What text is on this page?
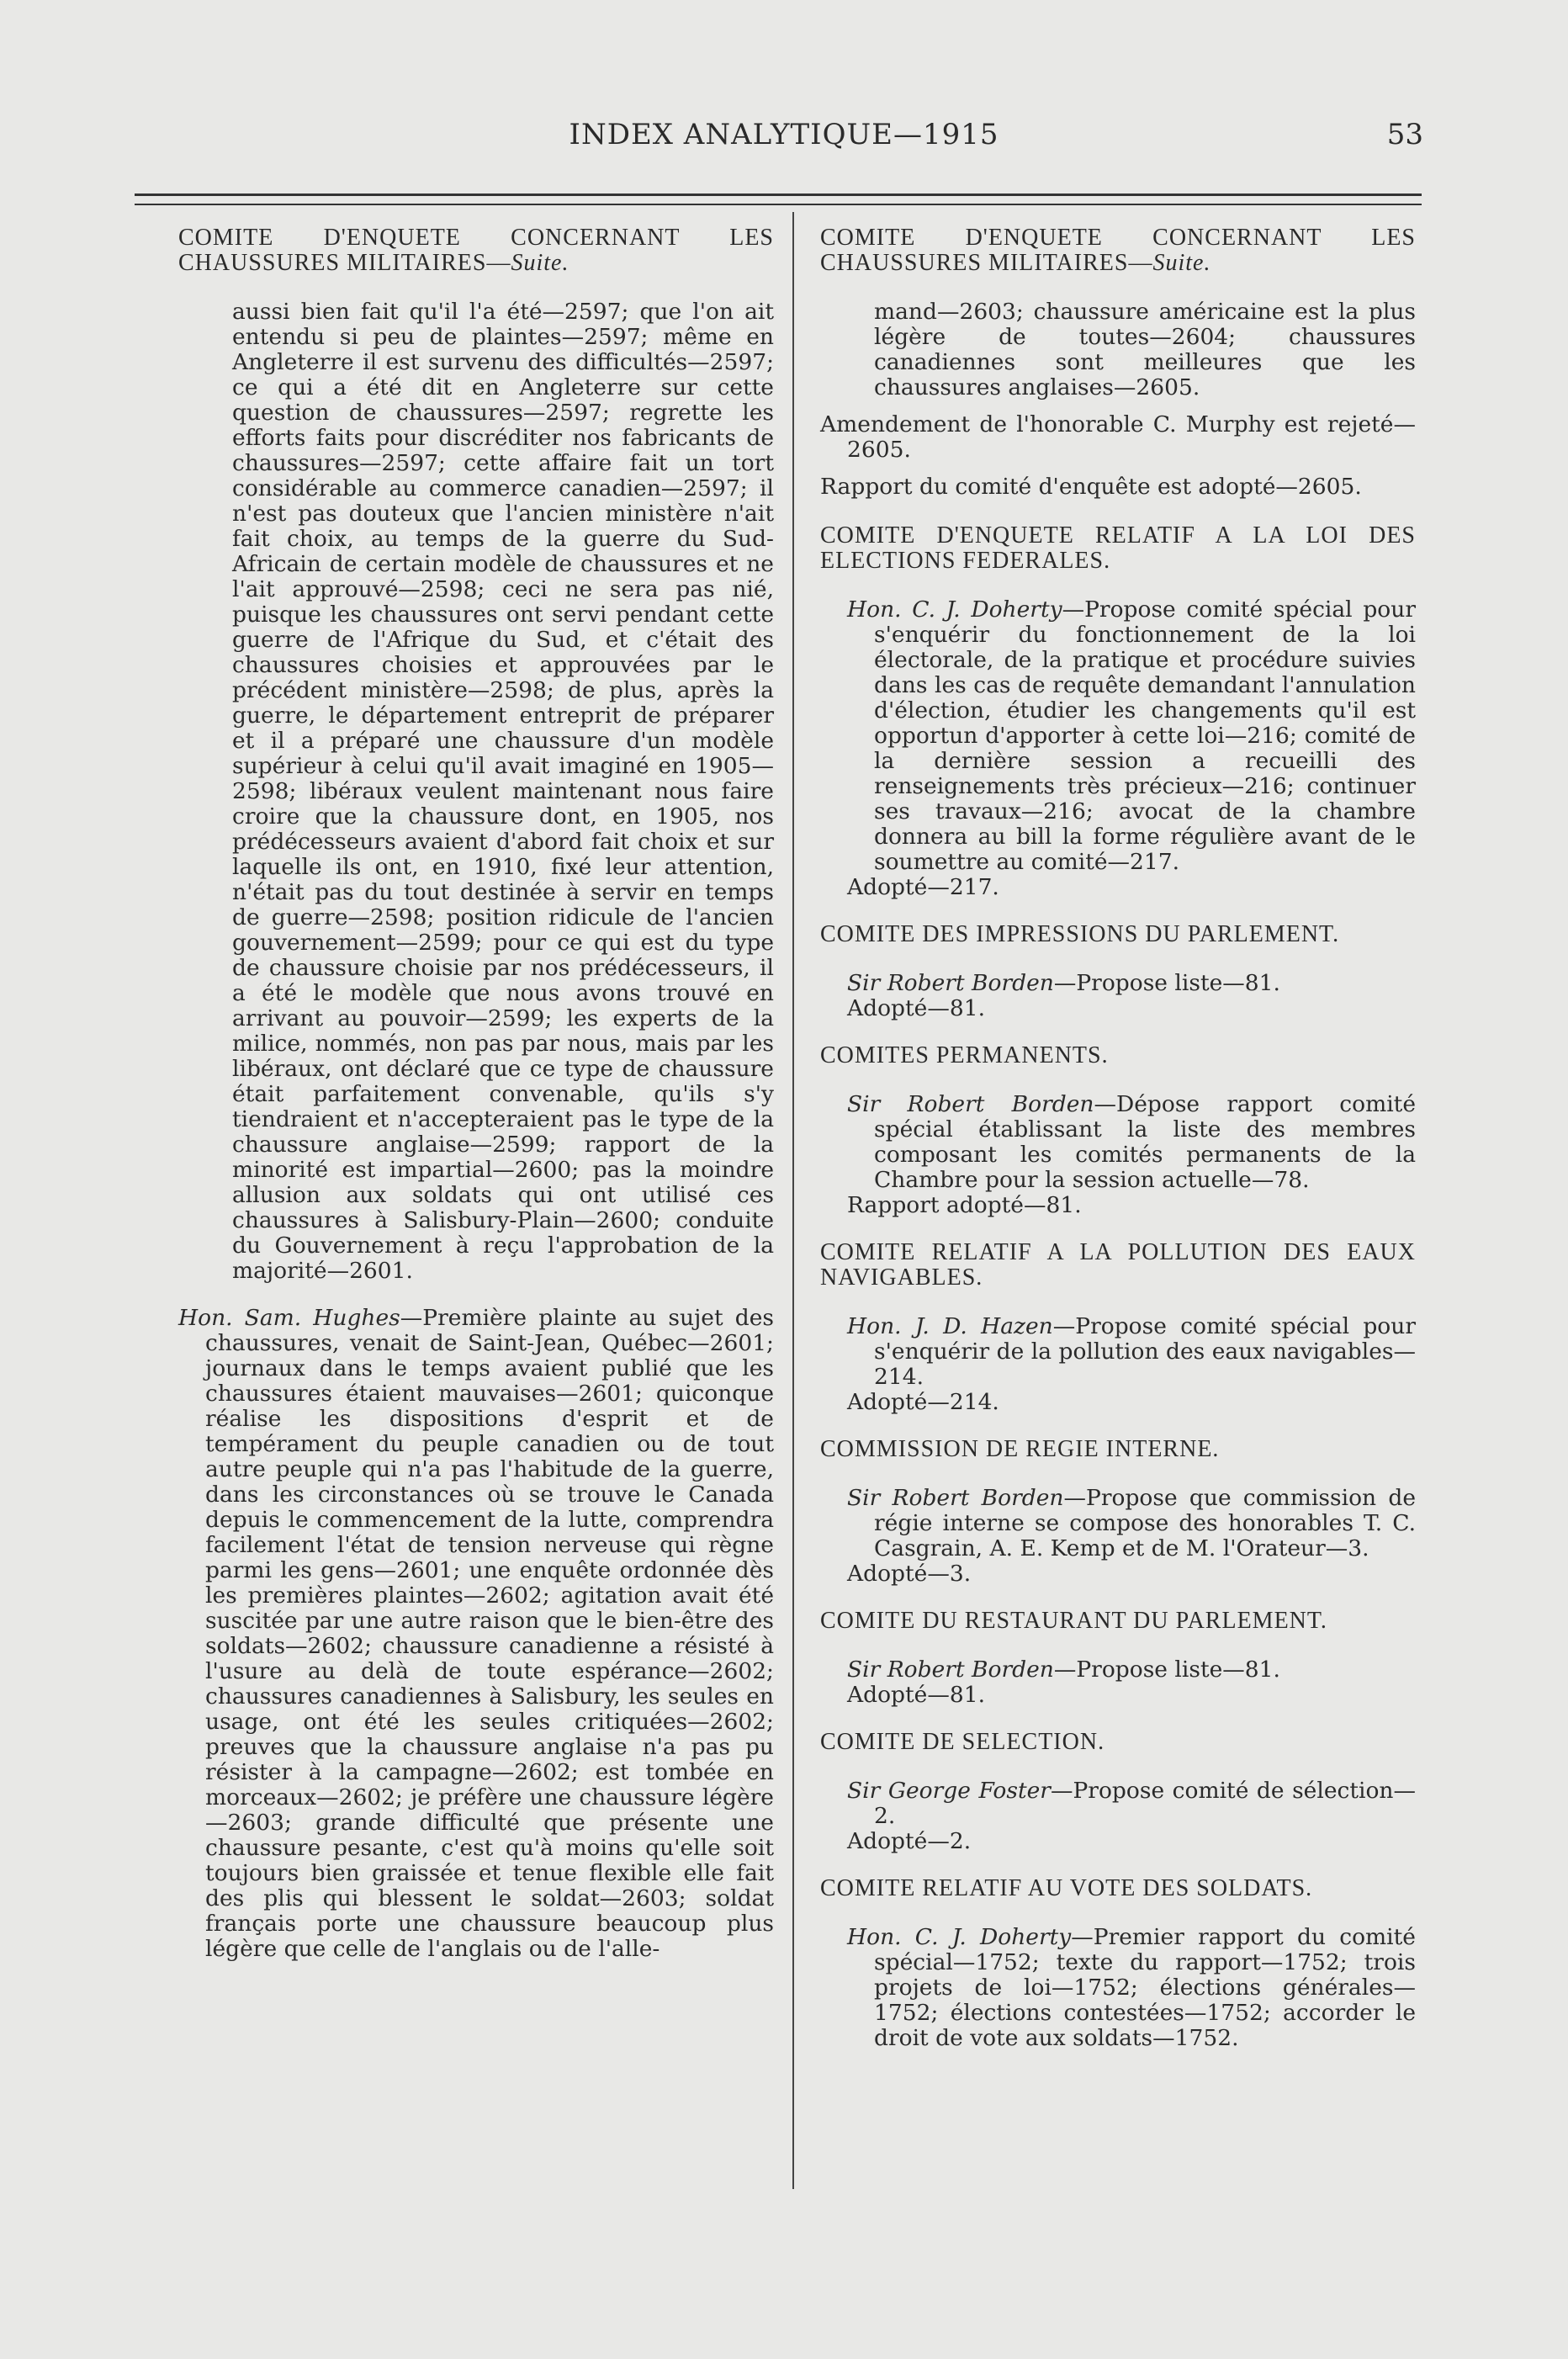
INDEX ANALYTIQUE—1915	53

COMITE D'ENQUETE CONCERNANT LES CHAUSSURES MILITAIRES—Suite.

aussi bien fait qu'il l'a été—2597; que l'on ait entendu si peu de plaintes—2597; même en Angleterre il est survenu des difficultés—2597; ce qui a été dit en Angleterre sur cette question de chaussures—2597; regrette les efforts faits pour discréditer nos fabricants de chaussures—2597; cette affaire fait un tort considérable au commerce canadien—2597; il n'est pas douteux que l'ancien ministère n'ait fait choix, au temps de la guerre du Sud-Africain de certain modèle de chaussures et ne l'ait approuvé—2598; ceci ne sera pas nié, puisque les chaussures ont servi pendant cette guerre de l'Afrique du Sud, et c'était des chaussures choisies et approuvées par le précédent ministère—2598; de plus, après la guerre, le département entreprit de préparer et il a préparé une chaussure d'un modèle supérieur à celui qu'il avait imaginé en 1905—2598; libéraux veulent maintenant nous faire croire que la chaussure dont, en 1905, nos prédécesseurs avaient d'abord fait choix et sur laquelle ils ont, en 1910, fixé leur attention, n'était pas du tout destinée à servir en temps de guerre—2598; position ridicule de l'ancien gouvernement—2599; pour ce qui est du type de chaussure choisie par nos prédécesseurs, il a été le modèle que nous avons trouvé en arrivant au pouvoir—2599; les experts de la milice, nommés, non pas par nous, mais par les libéraux, ont déclaré que ce type de chaussure était parfaitement convenable, qu'ils s'y tiendraient et n'accepteraient pas le type de la chaussure anglaise—2599; rapport de la minorité est impartial—2600; pas la moindre allusion aux soldats qui ont utilisé ces chaussures à Salisbury-Plain—2600; conduite du Gouvernement à reçu l'approbation de la majorité—2601.

Hon. Sam. Hughes—Première plainte au sujet des chaussures, venait de Saint-Jean, Québec—2601; journaux dans le temps avaient publié que les chaussures étaient mauvaises—2601; quiconque réalise les dispositions d'esprit et de tempérament du peuple canadien ou de tout autre peuple qui n'a pas l'habitude de la guerre, dans les circonstances où se trouve le Canada depuis le commencement de la lutte, comprendra facilement l'état de tension nerveuse qui règne parmi les gens—2601; une enquête ordonnée dès les premières plaintes—2602; agitation avait été suscitée par une autre raison que le bien-être des soldats—2602; chaussure canadienne a résisté à l'usure au delà de toute espérance—2602; chaussures canadiennes à Salisbury, les seules en usage, ont été les seules critiquées—2602; preuves que la chaussure anglaise n'a pas pu résister à la campagne—2602; est tombée en morceaux—2602; je préfère une chaussure légère—2603; grande difficulté que présente une chaussure pesante, c'est qu'à moins qu'elle soit toujours bien graissée et tenue flexible elle fait des plis qui blessent le soldat—2603; soldat français porte une chaussure beaucoup plus légère que celle de l'anglais ou de l'alle-

COMITE D'ENQUETE CONCERNANT LES CHAUSSURES MILITAIRES—Suite.

mand—2603; chaussure américaine est la plus légère de toutes—2604; chaussures canadiennes sont meilleures que les chaussures anglaises—2605.

Amendement de l'honorable C. Murphy est rejeté—2605.

Rapport du comité d'enquête est adopté—2605.

COMITE D'ENQUETE RELATIF A LA LOI DES ELECTIONS FEDERALES.

Hon. C. J. Doherty—Propose comité spécial pour s'enquérir du fonctionnement de la loi électorale, de la pratique et procédure suivies dans les cas de requête demandant l'annulation d'élection, étudier les changements qu'il est opportun d'apporter à cette loi—216; comité de la dernière session a recueilli des renseignements très précieux—216; continuer ses travaux—216; avocat de la chambre donnera au bill la forme régulière avant de le soumettre au comité—217.

Adopté—217.

COMITE DES IMPRESSIONS DU PARLEMENT.

Sir Robert Borden—Propose liste—81.

Adopté—81.

COMITES PERMANENTS.

Sir Robert Borden—Dépose rapport comité spécial établissant la liste des membres composant les comités permanents de la Chambre pour la session actuelle—78.

Rapport adopté—81.

COMITE RELATIF A LA POLLUTION DES EAUX NAVIGABLES.

Hon. J. D. Hazen—Propose comité spécial pour s'enquérir de la pollution des eaux navigables—214.

Adopté—214.

COMMISSION DE REGIE INTERNE.

Sir Robert Borden—Propose que commission de régie interne se compose des honorables T. C. Casgrain, A. E. Kemp et de M. l'Orateur—3.

Adopté—3.

COMITE DU RESTAURANT DU PARLEMENT.

Sir Robert Borden—Propose liste—81.

Adopté—81.

COMITE DE SELECTION.

Sir George Foster—Propose comité de sélection—2.

Adopté—2.

COMITE RELATIF AU VOTE DES SOLDATS.

Hon. C. J. Doherty—Premier rapport du comité spécial—1752; texte du rapport—1752; trois projets de loi—1752; élections générales—1752; élections contestées—1752; accorder le droit de vote aux soldats—1752.
